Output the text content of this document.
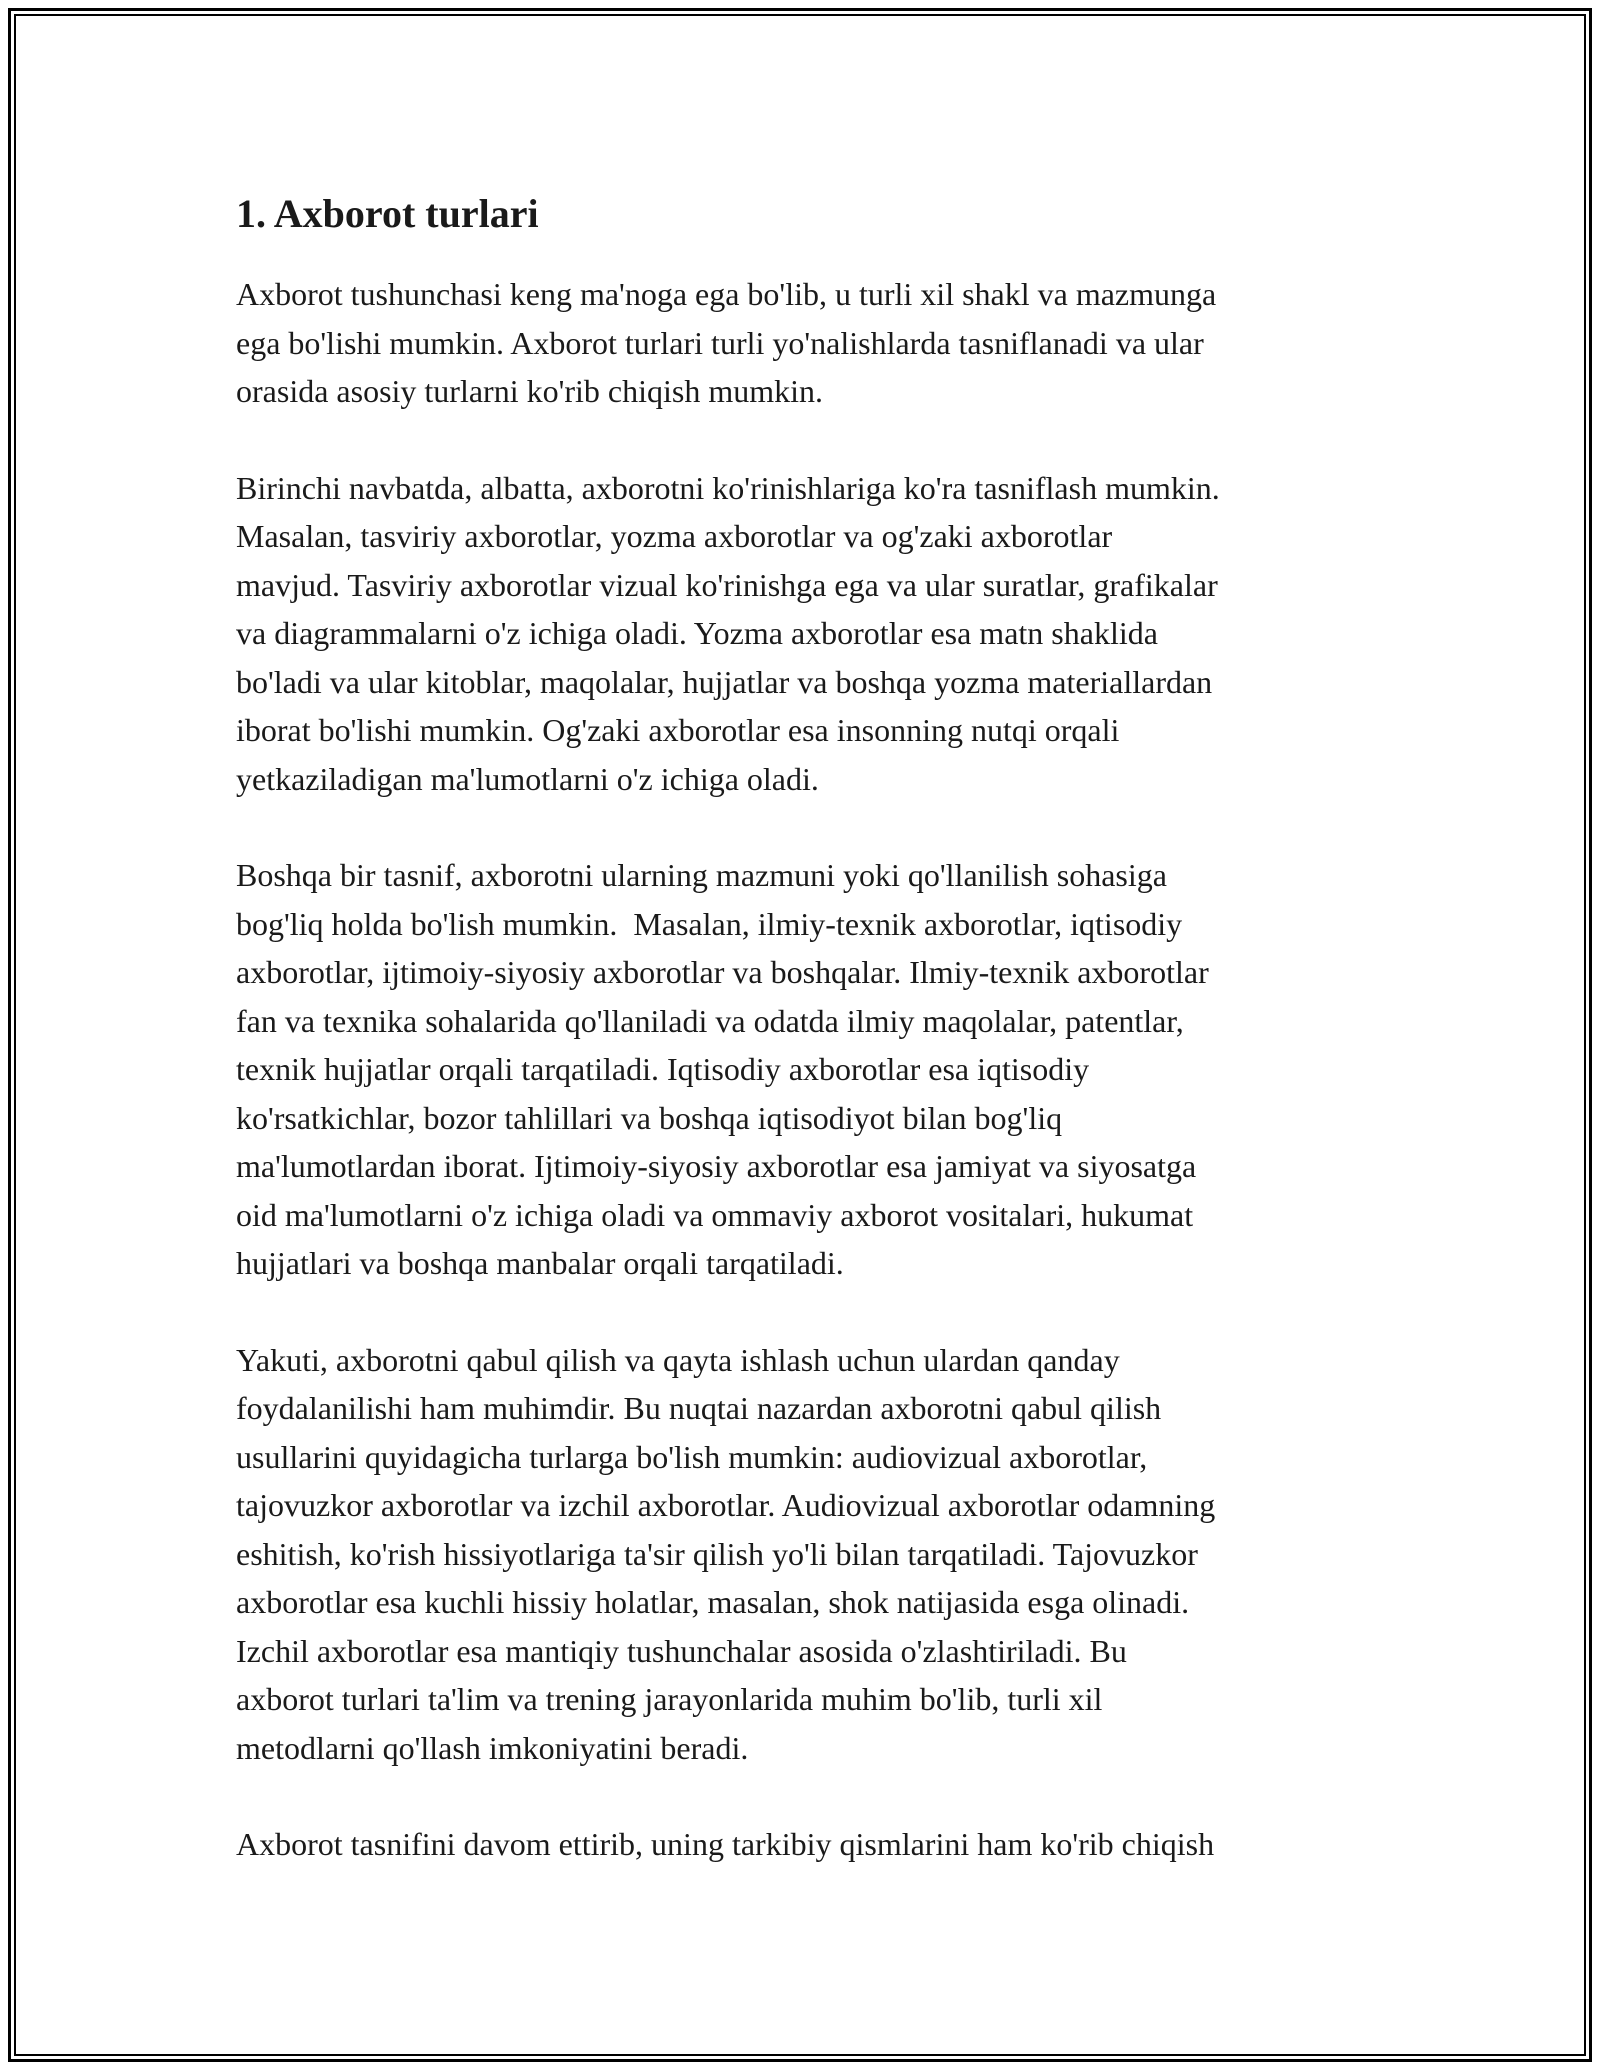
1. Axborot turlari

Axborot tushunchasi keng ma'noga ega bo'lib, u turli xil shakl va mazmunga
ega bo'lishi mumkin. Axborot turlari turli yo'nalishlarda tasniflanadi va ular
orasida asosiy turlarni ko'rib chiqish mumkin.

Birinchi navbatda, albatta, axborotni ko'rinishlariga ko'ra tasniflash mumkin.
Masalan, tasviriy axborotlar, yozma axborotlar va og'zaki axborotlar
mavjud. Tasviriy axborotlar vizual ko'rinishga ega va ular suratlar, grafikalar
va diagrammalarni o'z ichiga oladi. Yozma axborotlar esa matn shaklida
bo'ladi va ular kitoblar, maqolalar, hujjatlar va boshqa yozma materiallardan
iborat bo'lishi mumkin. Og'zaki axborotlar esa insonning nutqi orqali
yetkaziladigan ma'lumotlarni o'z ichiga oladi.

Boshqa bir tasnif, axborotni ularning mazmuni yoki qo'llanilish sohasiga
bog'liq holda bo'lish mumkin.  Masalan, ilmiy-texnik axborotlar, iqtisodiy
axborotlar, ijtimoiy-siyosiy axborotlar va boshqalar. Ilmiy-texnik axborotlar
fan va texnika sohalarida qo'llaniladi va odatda ilmiy maqolalar, patentlar,
texnik hujjatlar orqali tarqatiladi. Iqtisodiy axborotlar esa iqtisodiy
ko'rsatkichlar, bozor tahlillari va boshqa iqtisodiyot bilan bog'liq
ma'lumotlardan iborat. Ijtimoiy-siyosiy axborotlar esa jamiyat va siyosatga
oid ma'lumotlarni o'z ichiga oladi va ommaviy axborot vositalari, hukumat
hujjatlari va boshqa manbalar orqali tarqatiladi.

Yakuti, axborotni qabul qilish va qayta ishlash uchun ulardan qanday
foydalanilishi ham muhimdir. Bu nuqtai nazardan axborotni qabul qilish
usullarini quyidagicha turlarga bo'lish mumkin: audiovizual axborotlar,
tajovuzkor axborotlar va izchil axborotlar. Audiovizual axborotlar odamning
eshitish, ko'rish hissiyotlariga ta'sir qilish yo'li bilan tarqatiladi. Tajovuzkor
axborotlar esa kuchli hissiy holatlar, masalan, shok natijasida esga olinadi.
Izchil axborotlar esa mantiqiy tushunchalar asosida o'zlashtiriladi. Bu
axborot turlari ta'lim va trening jarayonlarida muhim bo'lib, turli xil
metodlarni qo'llash imkoniyatini beradi.

Axborot tasnifini davom ettirib, uning tarkibiy qismlarini ham ko'rib chiqish
